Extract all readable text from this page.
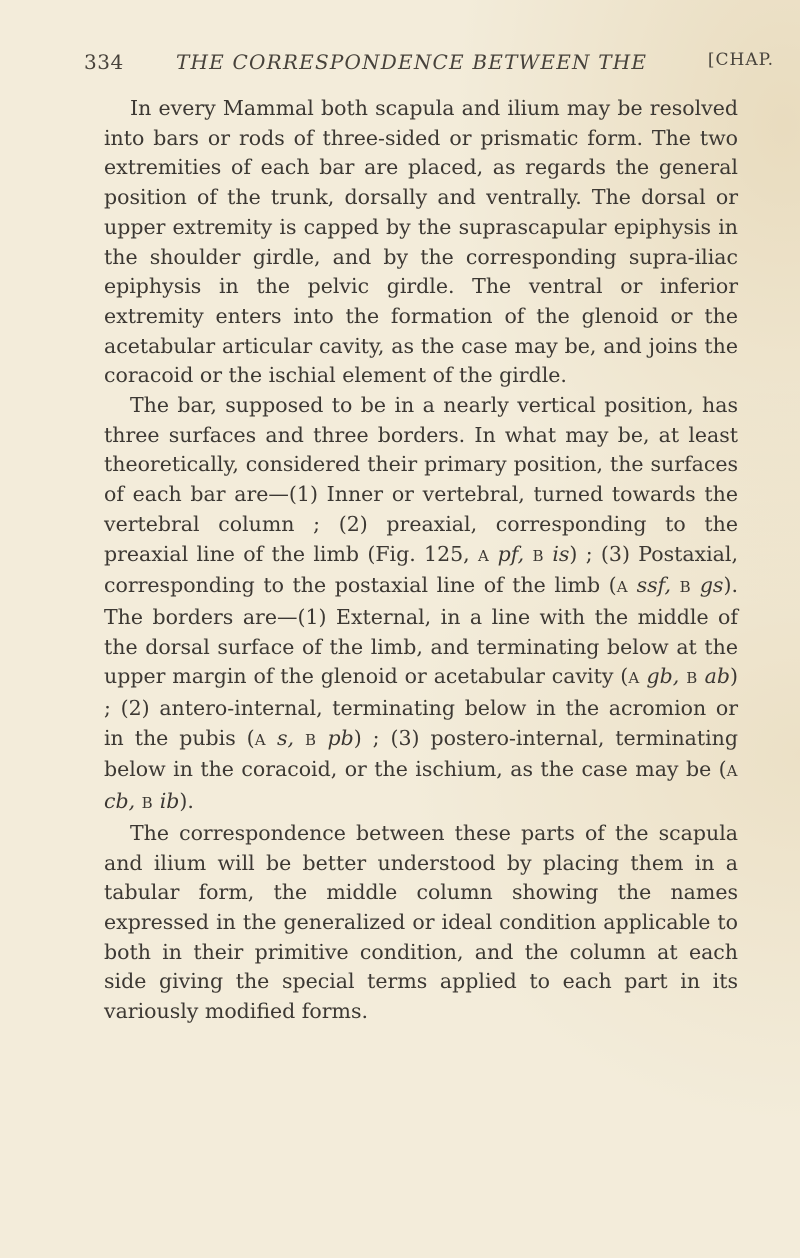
334	THE CORRESPONDENCE BETWEEN THE	[CHAP.

In every Mammal both scapula and ilium may be resolved into bars or rods of three-sided or prismatic form. The two extremities of each bar are placed, as regards the general position of the trunk, dorsally and ventrally. The dorsal or upper extremity is capped by the suprascapular epiphysis in the shoulder girdle, and by the corresponding supra-iliac epiphysis in the pelvic girdle. The ventral or inferior extremity enters into the formation of the glenoid or the acetabular articular cavity, as the case may be, and joins the coracoid or the ischial element of the girdle.

The bar, supposed to be in a nearly vertical position, has three surfaces and three borders. In what may be, at least theoretically, considered their primary position, the surfaces of each bar are—(1) Inner or vertebral, turned towards the vertebral column ; (2) preaxial, corresponding to the preaxial line of the limb (Fig. 125, A pf, B is) ; (3) Postaxial, corresponding to the postaxial line of the limb (A ssf, B gs). The borders are—(1) External, in a line with the middle of the dorsal surface of the limb, and terminating below at the upper margin of the glenoid or acetabular cavity (A gb, B ab) ; (2) antero-internal, terminating below in the acromion or in the pubis (A s, B pb) ; (3) postero-internal, terminating below in the coracoid, or the ischium, as the case may be (A cb, B ib).

The correspondence between these parts of the scapula and ilium will be better understood by placing them in a tabular form, the middle column showing the names expressed in the generalized or ideal condition applicable to both in their primitive condition, and the column at each side giving the special terms applied to each part in its variously modified forms.
